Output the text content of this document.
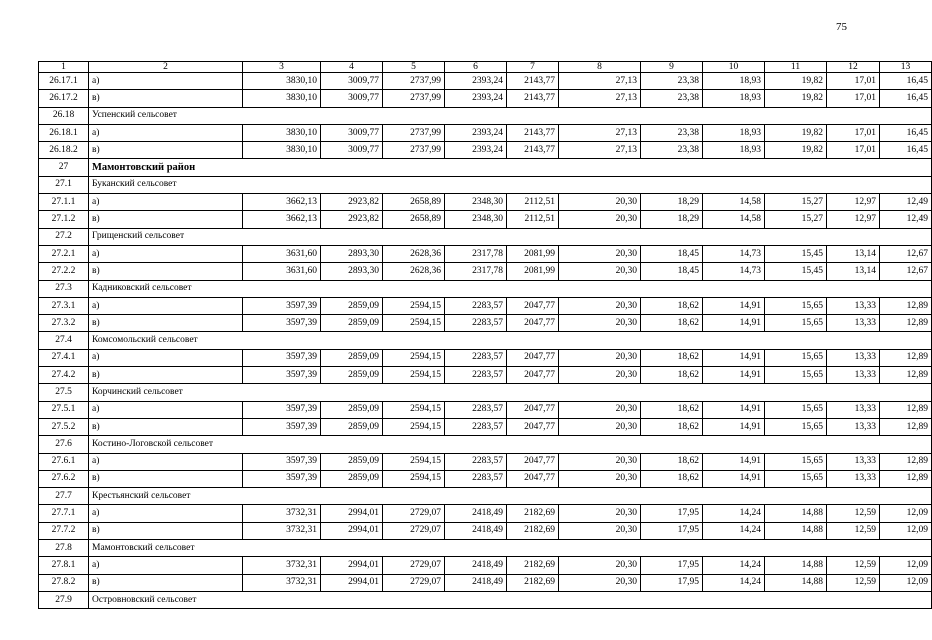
75
1	2	3	4	5	6	7	8	9	10	11	12	13
26.17.1	а)	3830,10	3009,77	2737,99	2393,24	2143,77	27,13	23,38	18,93	19,82	17,01	16,45
26.17.2	в)	3830,10	3009,77	2737,99	2393,24	2143,77	27,13	23,38	18,93	19,82	17,01	16,45
26.18	Успенский сельсовет											
26.18.1	а)	3830,10	3009,77	2737,99	2393,24	2143,77	27,13	23,38	18,93	19,82	17,01	16,45
26.18.2	в)	3830,10	3009,77	2737,99	2393,24	2143,77	27,13	23,38	18,93	19,82	17,01	16,45
27	Мамонтовский район											
27.1	Буканский сельсовет											
27.1.1	а)	3662,13	2923,82	2658,89	2348,30	2112,51	20,30	18,29	14,58	15,27	12,97	12,49
27.1.2	в)	3662,13	2923,82	2658,89	2348,30	2112,51	20,30	18,29	14,58	15,27	12,97	12,49
27.2	Грищенский сельсовет											
27.2.1	а)	3631,60	2893,30	2628,36	2317,78	2081,99	20,30	18,45	14,73	15,45	13,14	12,67
27.2.2	в)	3631,60	2893,30	2628,36	2317,78	2081,99	20,30	18,45	14,73	15,45	13,14	12,67
27.3	Кадниковский сельсовет											
27.3.1	а)	3597,39	2859,09	2594,15	2283,57	2047,77	20,30	18,62	14,91	15,65	13,33	12,89
27.3.2	в)	3597,39	2859,09	2594,15	2283,57	2047,77	20,30	18,62	14,91	15,65	13,33	12,89
27.4	Комсомольский сельсовет											
27.4.1	а)	3597,39	2859,09	2594,15	2283,57	2047,77	20,30	18,62	14,91	15,65	13,33	12,89
27.4.2	в)	3597,39	2859,09	2594,15	2283,57	2047,77	20,30	18,62	14,91	15,65	13,33	12,89
27.5	Корчинский сельсовет											
27.5.1	а)	3597,39	2859,09	2594,15	2283,57	2047,77	20,30	18,62	14,91	15,65	13,33	12,89
27.5.2	в)	3597,39	2859,09	2594,15	2283,57	2047,77	20,30	18,62	14,91	15,65	13,33	12,89
27.6	Костино-Логовской сельсовет											
27.6.1	а)	3597,39	2859,09	2594,15	2283,57	2047,77	20,30	18,62	14,91	15,65	13,33	12,89
27.6.2	в)	3597,39	2859,09	2594,15	2283,57	2047,77	20,30	18,62	14,91	15,65	13,33	12,89
27.7	Крестьянский сельсовет											
27.7.1	а)	3732,31	2994,01	2729,07	2418,49	2182,69	20,30	17,95	14,24	14,88	12,59	12,09
27.7.2	в)	3732,31	2994,01	2729,07	2418,49	2182,69	20,30	17,95	14,24	14,88	12,59	12,09
27.8	Мамонтовский сельсовет											
27.8.1	а)	3732,31	2994,01	2729,07	2418,49	2182,69	20,30	17,95	14,24	14,88	12,59	12,09
27.8.2	в)	3732,31	2994,01	2729,07	2418,49	2182,69	20,30	17,95	14,24	14,88	12,59	12,09
27.9	Островновский сельсовет											
